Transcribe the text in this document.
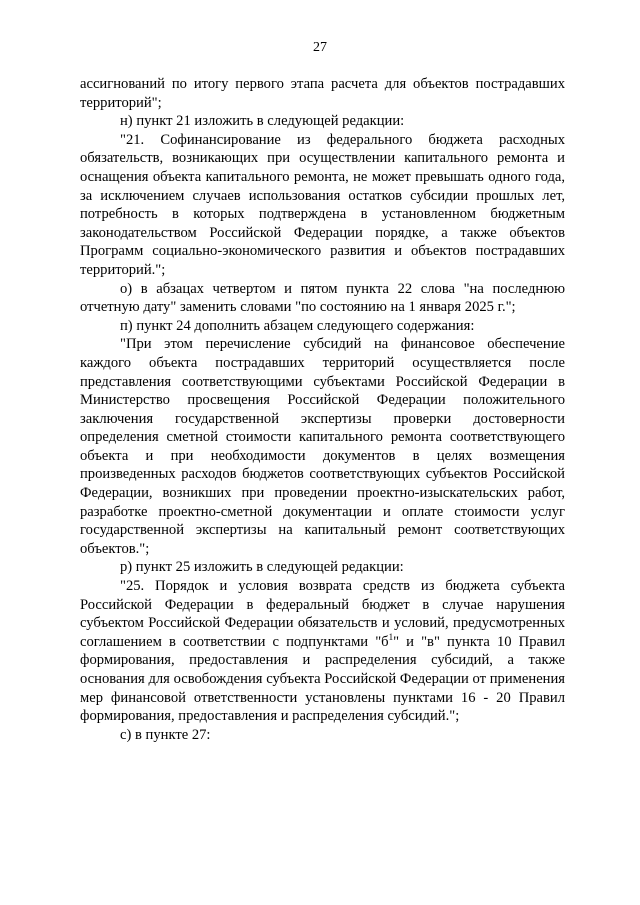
27

ассигнований по итогу первого этапа расчета для объектов пострадавших территорий";

н) пункт 21 изложить в следующей редакции:

"21. Софинансирование из федерального бюджета расходных обязательств, возникающих при осуществлении капитального ремонта и оснащения объекта капитального ремонта, не может превышать одного года, за исключением случаев использования остатков субсидии прошлых лет, потребность в которых подтверждена в установленном бюджетным законодательством Российской Федерации порядке, а также объектов Программ социально-экономического развития и объектов пострадавших территорий.";

о) в абзацах четвертом и пятом пункта 22 слова "на последнюю отчетную дату" заменить словами "по состоянию на 1 января 2025 г.";

п) пункт 24 дополнить абзацем следующего содержания:

"При этом перечисление субсидий на финансовое обеспечение каждого объекта пострадавших территорий осуществляется после представления соответствующими субъектами Российской Федерации в Министерство просвещения Российской Федерации положительного заключения государственной экспертизы проверки достоверности определения сметной стоимости капитального ремонта соответствующего объекта и при необходимости документов в целях возмещения произведенных расходов бюджетов соответствующих субъектов Российской Федерации, возникших при проведении проектно-изыскательских работ, разработке проектно-сметной документации и оплате стоимости услуг государственной экспертизы на капитальный ремонт соответствующих объектов.";

р) пункт 25 изложить в следующей редакции:

"25. Порядок и условия возврата средств из бюджета субъекта Российской Федерации в федеральный бюджет в случае нарушения субъектом Российской Федерации обязательств и условий, предусмотренных соглашением в соответствии с подпунктами "$б^1$" и "в" пункта 10 Правил формирования, предоставления и распределения субсидий, а также основания для освобождения субъекта Российской Федерации от применения мер финансовой ответственности установлены пунктами 16 - 20 Правил формирования, предоставления и распределения субсидий.";

с) в пункте 27:
